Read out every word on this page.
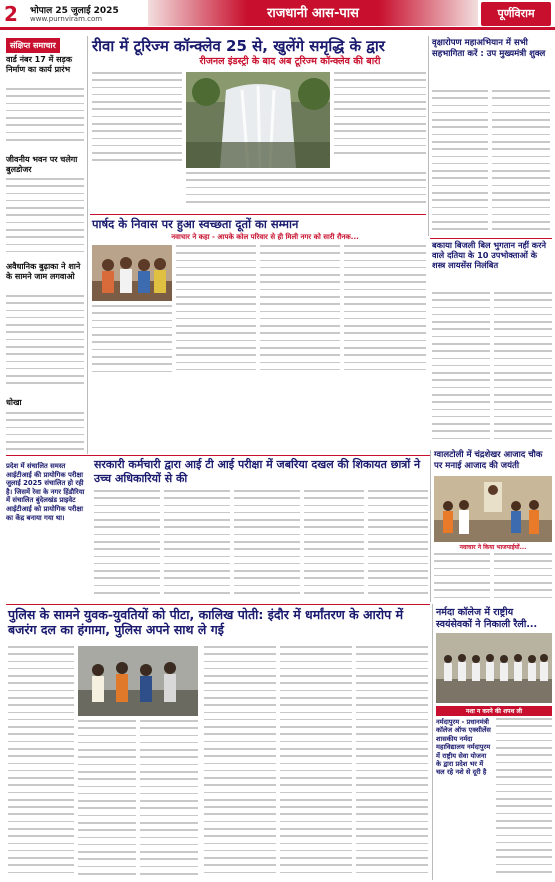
2	भोपाल 25 जुलाई 2025
www.purnviram.com	राजधानी आस-पास	पूर्णविराम
संक्षिप्त समाचार
वार्ड नंबर 17 में सड़क निर्माण का कार्य प्रारंभ
जीवनीय भवन पर चलेगा बुलडोजर
अवैधानिक बुढ़ाका ने शाने के सामने जाम लगवाओ
धोखा
रीवा में टूरिज्म कॉन्क्लेव 25 से, खुलेंगे समृद्धि के द्वार
रीजनल इंडस्ट्री के बाद अब टूरिज्म कॉन्क्लेव की बारी
वृक्षारोपण महाअभियान में सभी सहभागिता करें : उप मुख्यमंत्री शुक्ल
पार्षद के निवास पर हुआ स्वच्छता दूतों का सम्मान
नवाचार ने कहा - आपके कोल परिवार से ही मिली नगर को सारी रौनक...
बकाया बिजली बिल भुगतान नहीं करने वाले दतिया के 10 उपभोक्ताओं के शस्त्र लायसेंस निलंबित
सरकारी कर्मचारी द्वारा आई टी आई परीक्षा में जबरिया दखल की शिकायत छात्रों ने उच्च अधिकारियों से की
प्रदेश में संचालित समस्त आईटीआई की प्रायोगिक परीक्षा जुलाई 2025 संचालित हो रही है। जिसमें रेवा के नगर हिंडौरिया में संचालित बुंदेलखंड प्राइवेट आईटीआई को प्रायोगिक परीक्षा का केंद्र बनाया गया था।
ग्वालटोली में चंद्रशेखर आजाद चौक पर मनाई आजाद की जयंती
नवाचार ने किया भाजपाईयों...
पुलिस के सामने युवक-युवतियों को पीटा, कालिख पोती: इंदौर में धर्मांतरण के आरोप में बजरंग दल का हंगामा, पुलिस अपने साथ ले गई
नर्मदा कॉलेज में राष्ट्रीय स्वयंसेवकों ने निकाली रैली...
नशा न करने की शपथ ली
नर्मदापुरम - प्रधानमंत्री कॉलेज ऑफ एक्सीलेंस शासकीय नर्मदा महाविद्यालय नर्मदापुरम में राष्ट्रीय सेवा योजना के द्वारा प्रदेश भर में चल रहे नशे से दूरी है
